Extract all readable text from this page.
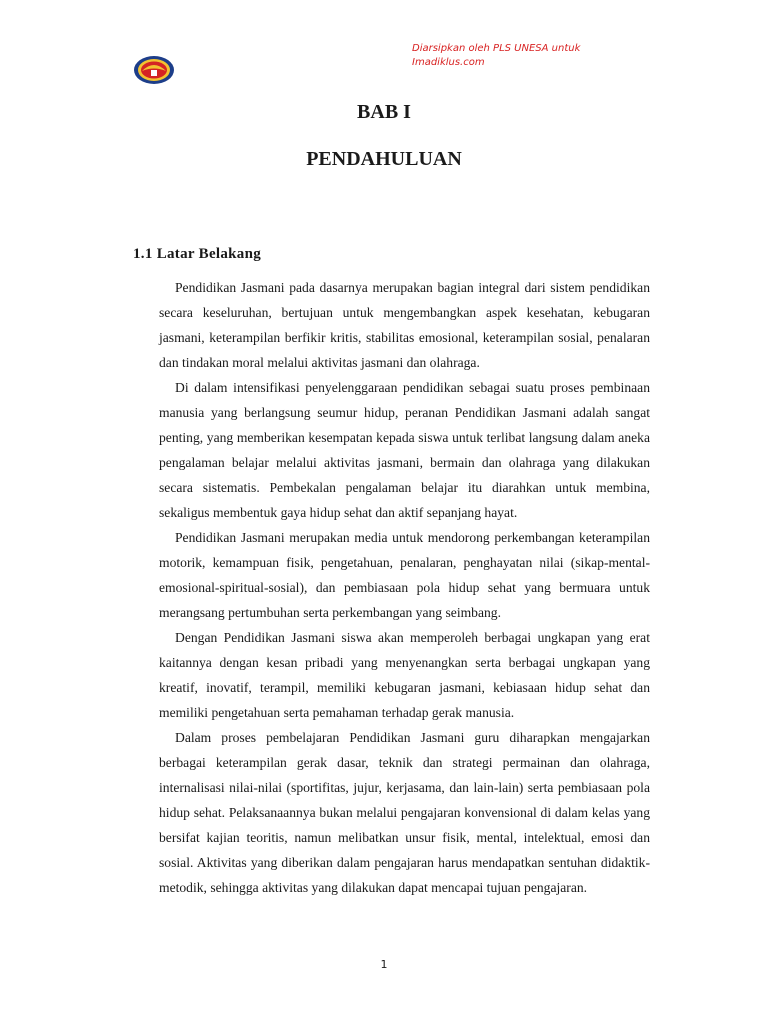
Diarsipkan oleh PLS UNESA untuk
Imadiklus.com
BAB I
PENDAHULUAN
1.1 Latar Belakang

Pendidikan Jasmani pada dasarnya merupakan bagian integral dari sistem pendidikan secara keseluruhan, bertujuan untuk mengembangkan aspek kesehatan, kebugaran jasmani, keterampilan berfikir kritis, stabilitas emosional, keterampilan sosial, penalaran dan tindakan moral melalui aktivitas jasmani dan olahraga.

Di dalam intensifikasi penyelenggaraan pendidikan sebagai suatu proses pembinaan manusia yang berlangsung seumur hidup, peranan Pendidikan Jasmani adalah sangat penting, yang memberikan kesempatan kepada siswa untuk terlibat langsung dalam aneka pengalaman belajar melalui aktivitas jasmani, bermain dan olahraga yang dilakukan secara sistematis. Pembekalan pengalaman belajar itu diarahkan untuk membina, sekaligus membentuk gaya hidup sehat dan aktif sepanjang hayat.

Pendidikan Jasmani merupakan media untuk mendorong perkembangan keterampilan motorik, kemampuan fisik, pengetahuan, penalaran, penghayatan nilai (sikap-mental-emosional-spiritual-sosial), dan pembiasaan pola hidup sehat yang bermuara untuk merangsang pertumbuhan serta perkembangan yang seimbang.

Dengan Pendidikan Jasmani siswa akan memperoleh berbagai ungkapan yang erat kaitannya dengan kesan pribadi yang menyenangkan serta berbagai ungkapan yang kreatif, inovatif, terampil, memiliki kebugaran jasmani, kebiasaan hidup sehat dan memiliki pengetahuan serta pemahaman terhadap gerak manusia.

Dalam proses pembelajaran Pendidikan Jasmani guru diharapkan mengajarkan berbagai keterampilan gerak dasar, teknik dan strategi permainan dan olahraga, internalisasi nilai-nilai (sportifitas, jujur, kerjasama, dan lain-lain) serta pembiasaan pola hidup sehat. Pelaksanaannya bukan melalui pengajaran konvensional di dalam kelas yang bersifat kajian teoritis, namun melibatkan unsur fisik, mental, intelektual, emosi dan sosial. Aktivitas yang diberikan dalam pengajaran harus mendapatkan sentuhan didaktik-metodik, sehingga aktivitas yang dilakukan dapat mencapai tujuan pengajaran.

1
